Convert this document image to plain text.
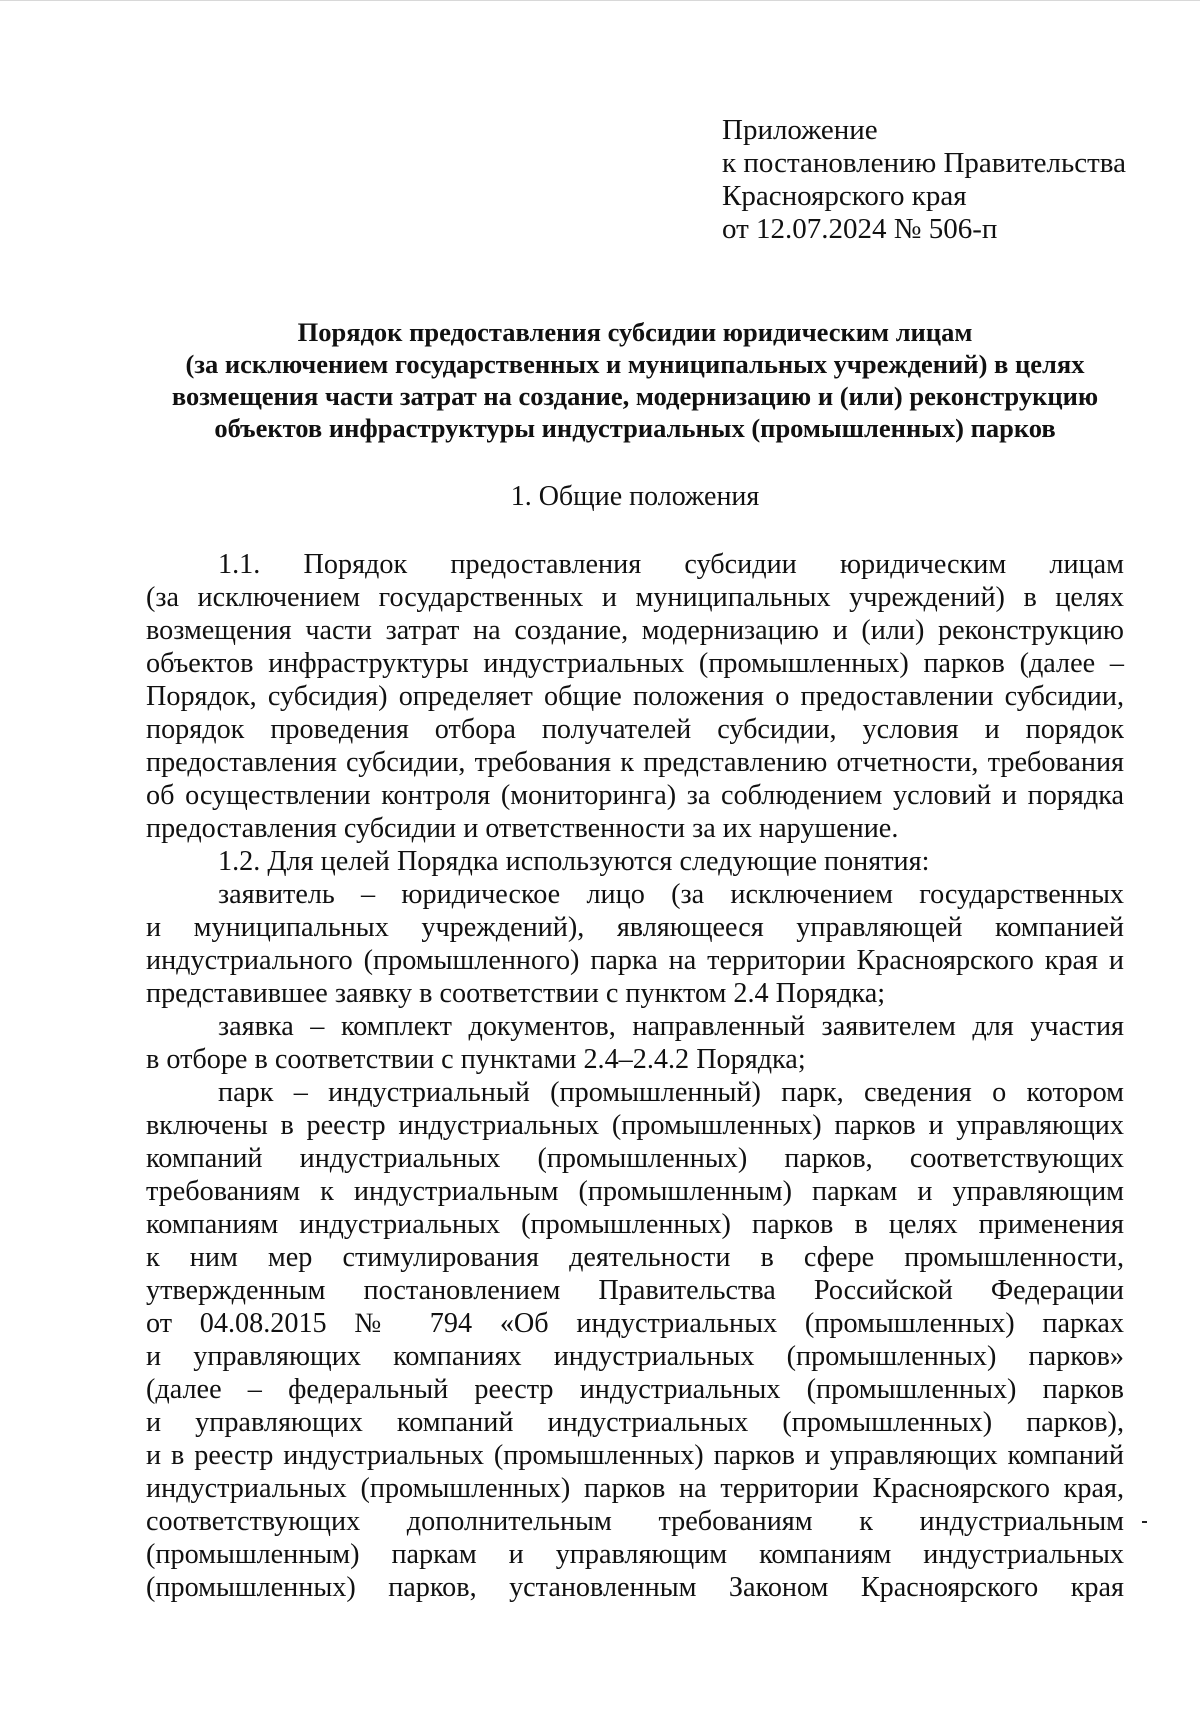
Приложение
к постановлению Правительства
Красноярского края
от 12.07.2024 № 506-п
Порядок предоставления субсидии юридическим лицам
(за исключением государственных и муниципальных учреждений) в целях
возмещения части затрат на создание, модернизацию и (или) реконструкцию
объектов инфраструктуры индустриальных (промышленных) парков
1. Общие положения
1.1. Порядок предоставления субсидии юридическим лицам
(за исключением государственных и муниципальных учреждений) в целях
возмещения части затрат на создание, модернизацию и (или) реконструкцию
объектов инфраструктуры индустриальных (промышленных) парков (далее –
Порядок, субсидия) определяет общие положения о предоставлении субсидии,
порядок проведения отбора получателей субсидии, условия и порядок
предоставления субсидии, требования к представлению отчетности, требования
об осуществлении контроля (мониторинга) за соблюдением условий и порядка
предоставления субсидии и ответственности за их нарушение.
1.2. Для целей Порядка используются следующие понятия:
заявитель – юридическое лицо (за исключением государственных
и муниципальных учреждений), являющееся управляющей компанией
индустриального (промышленного) парка на территории Красноярского края и
представившее заявку в соответствии с пунктом 2.4 Порядка;
заявка – комплект документов, направленный заявителем для участия
в отборе в соответствии с пунктами 2.4–2.4.2 Порядка;
парк – индустриальный (промышленный) парк, сведения о котором
включены в реестр индустриальных (промышленных) парков и управляющих
компаний индустриальных (промышленных) парков, соответствующих
требованиям к индустриальным (промышленным) паркам и управляющим
компаниям индустриальных (промышленных) парков в целях применения
к ним мер стимулирования деятельности в сфере промышленности,
утвержденным постановлением Правительства Российской Федерации
от 04.08.2015 № 794 «Об индустриальных (промышленных) парках
и управляющих компаниях индустриальных (промышленных) парков»
(далее – федеральный реестр индустриальных (промышленных) парков
и управляющих компаний индустриальных (промышленных) парков),
и в реестр индустриальных (промышленных) парков и управляющих компаний
индустриальных (промышленных) парков на территории Красноярского края,
соответствующих дополнительным требованиям к индустриальным
(промышленным) паркам и управляющим компаниям индустриальных
(промышленных) парков, установленным Законом Красноярского края
